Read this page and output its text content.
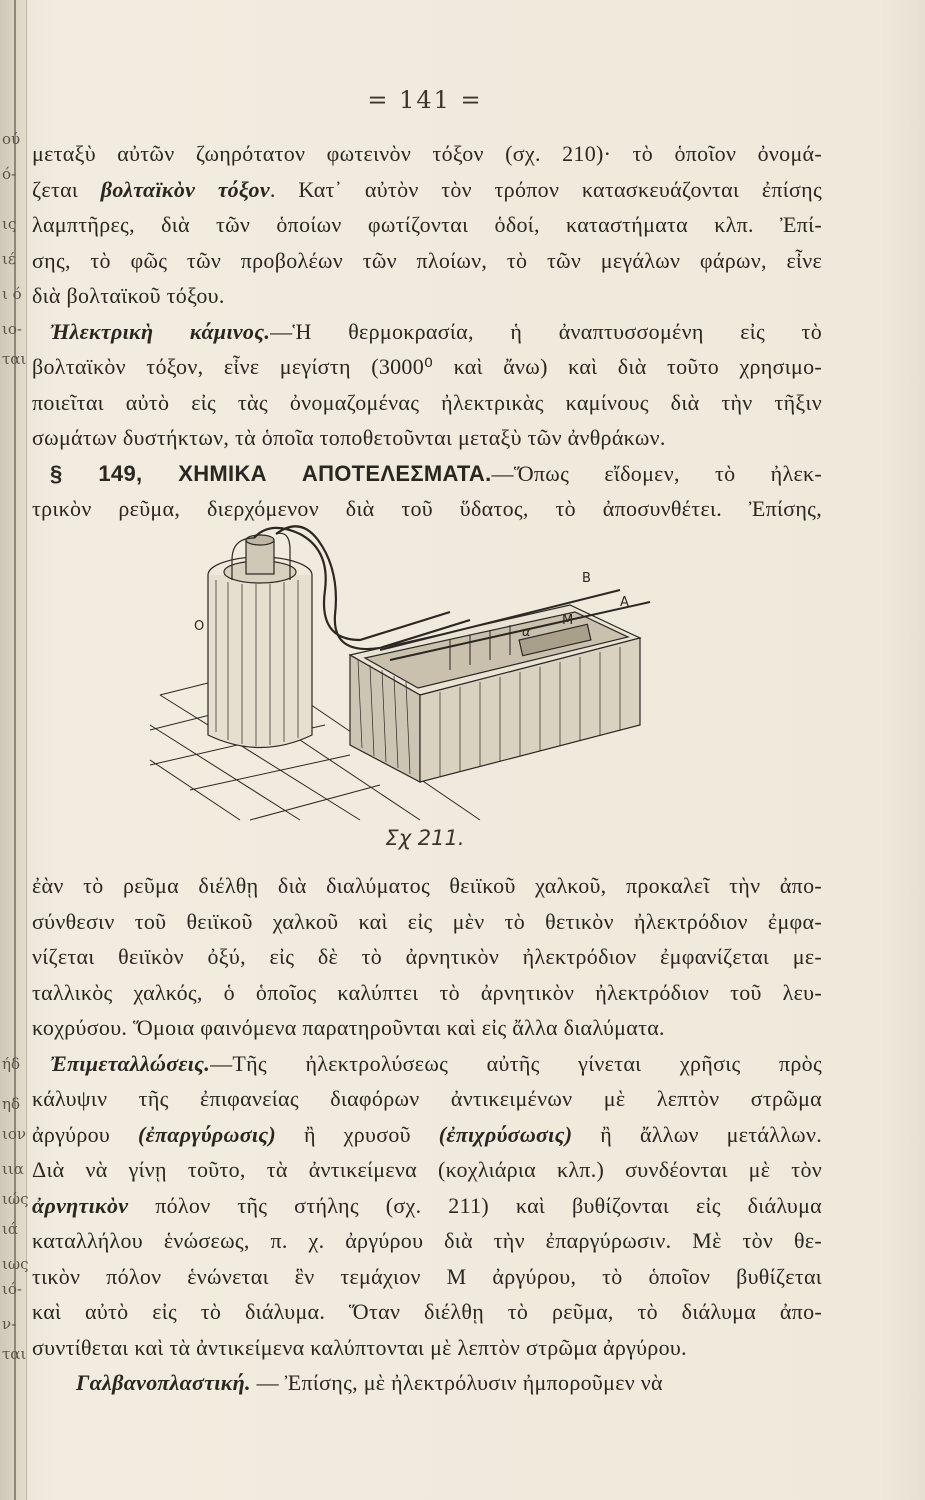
ού
ό-
ις
ιέ
ι ό
ιο-
ται
ήδ
ηδ
ιον
ιια
ιώς
ιά
ιως
ιό-
ν-
ται
= 141 =
μεταξὺ αὐτῶν ζωηρότατον φωτεινὸν τόξον (σχ. 210)· τὸ ὁποῖον ὀνομά-
ζεται βολταϊκὸν τόξον. Κατ᾽ αὐτὸν τὸν τρόπον κατασκευάζονται ἐπίσης
λαμπτῆρες, διὰ τῶν ὁποίων φωτίζονται ὁδοί, καταστήματα κλπ. Ἐπί-
σης, τὸ φῶς τῶν προβολέων τῶν πλοίων, τὸ τῶν μεγάλων φάρων, εἶνε
διὰ βολταϊκοῦ τόξου.
Ἠλεκτρικὴ κάμινος.—Ἡ θερμοκρασία, ἡ ἀναπτυσσομένη εἰς τὸ
βολταϊκὸν τόξον, εἶνε μεγίστη (3000⁰ καὶ ἄνω) καὶ διὰ τοῦτο χρησιμο-
ποιεῖται αὐτὸ εἰς τὰς ὀνομαζομένας ἠλεκτρικὰς καμίνους διὰ τὴν τῆξιν
σωμάτων δυστήκτων, τὰ ὁποῖα τοποθετοῦνται μεταξὺ τῶν ἀνθράκων.
§ 149, ΧΗΜΙΚΑ ΑΠΟΤΕΛΕΣΜΑΤΑ.—Ὅπως εἴδομεν, τὸ ἠλεκ-
τρικὸν ρεῦμα, διερχόμενον διὰ τοῦ ὕδατος, τὸ ἀποσυνθέτει. Ἐπίσης,
O
B
A
M
α
Σχ 211.
ἐὰν τὸ ρεῦμα διέλθῃ διὰ διαλύματος θειϊκοῦ χαλκοῦ, προκαλεῖ τὴν ἀπο-
σύνθεσιν τοῦ θειϊκοῦ χαλκοῦ καὶ εἰς μὲν τὸ θετικὸν ἠλεκτρόδιον ἐμφα-
νίζεται θειϊκὸν ὀξύ, εἰς δὲ τὸ ἀρνητικὸν ἠλεκτρόδιον ἐμφανίζεται με-
ταλλικὸς χαλκός, ὁ ὁποῖος καλύπτει τὸ ἀρνητικὸν ἠλεκτρόδιον τοῦ λευ-
κοχρύσου. Ὅμοια φαινόμενα παρατηροῦνται καὶ εἰς ἄλλα διαλύματα.
Ἐπιμεταλλώσεις.—Τῆς ἠλεκτρολύσεως αὐτῆς γίνεται χρῆσις πρὸς
κάλυψιν τῆς ἐπιφανείας διαφόρων ἀντικειμένων μὲ λεπτὸν στρῶμα
ἀργύρου (ἐπαργύρωσις) ἢ χρυσοῦ (ἐπιχρύσωσις) ἢ ἄλλων μετάλλων.
Διὰ νὰ γίνῃ τοῦτο, τὰ ἀντικείμενα (κοχλιάρια κλπ.) συνδέονται μὲ τὸν
ἀρνητικὸν πόλον τῆς στήλης (σχ. 211) καὶ βυθίζονται εἰς διάλυμα
καταλλήλου ἑνώσεως, π. χ. ἀργύρου διὰ τὴν ἐπαργύρωσιν. Μὲ τὸν θε-
τικὸν πόλον ἑνώνεται ἓν τεμάχιον Μ ἀργύρου, τὸ ὁποῖον βυθίζεται
καὶ αὐτὸ εἰς τὸ διάλυμα. Ὅταν διέλθῃ τὸ ρεῦμα, τὸ διάλυμα ἀπο-
συντίθεται καὶ τὰ ἀντικείμενα καλύπτονται μὲ λεπτὸν στρῶμα ἀργύρου.
Γαλβανοπλαστική. — Ἐπίσης, μὲ ἠλεκτρόλυσιν ἠμποροῦμεν νὰ
